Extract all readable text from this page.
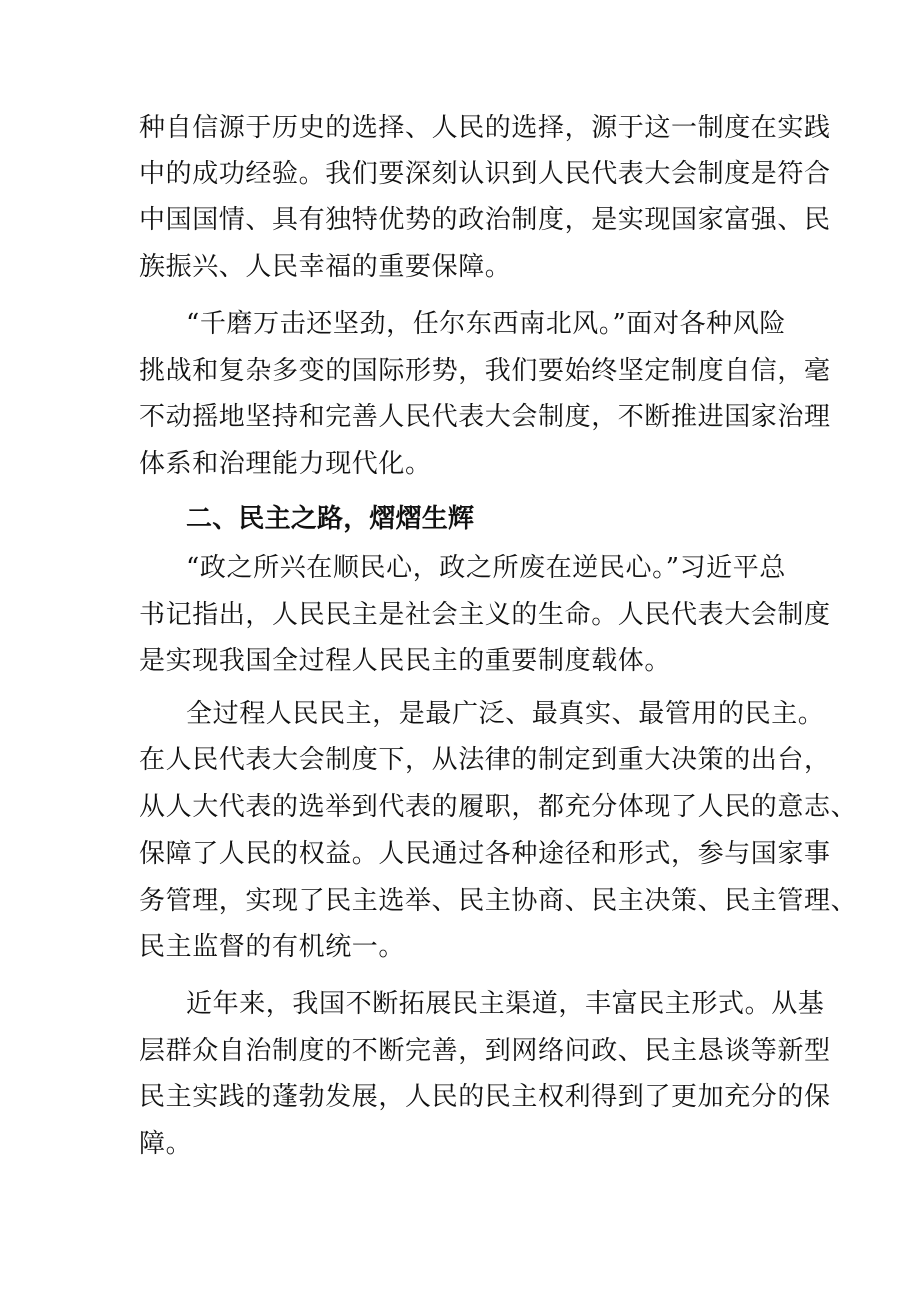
种自信源于历史的选择、人民的选择，源于这一制度在实践
中的成功经验。我们要深刻认识到人民代表大会制度是符合
中国国情、具有独特优势的政治制度，是实现国家富强、民
族振兴、人民幸福的重要保障。
“千磨万击还坚劲，任尔东西南北风。”面对各种风险
挑战和复杂多变的国际形势，我们要始终坚定制度自信，毫
不动摇地坚持和完善人民代表大会制度，不断推进国家治理
体系和治理能力现代化。
二、民主之路，熠熠生辉
“政之所兴在顺民心，政之所废在逆民心。”习近平总
书记指出，人民民主是社会主义的生命。人民代表大会制度
是实现我国全过程人民民主的重要制度载体。
全过程人民民主，是最广泛、最真实、最管用的民主。
在人民代表大会制度下，从法律的制定到重大决策的出台，
从人大代表的选举到代表的履职，都充分体现了人民的意志、
保障了人民的权益。人民通过各种途径和形式，参与国家事
务管理，实现了民主选举、民主协商、民主决策、民主管理、
民主监督的有机统一。
近年来，我国不断拓展民主渠道，丰富民主形式。从基
层群众自治制度的不断完善，到网络问政、民主恳谈等新型
民主实践的蓬勃发展，人民的民主权利得到了更加充分的保
障。
